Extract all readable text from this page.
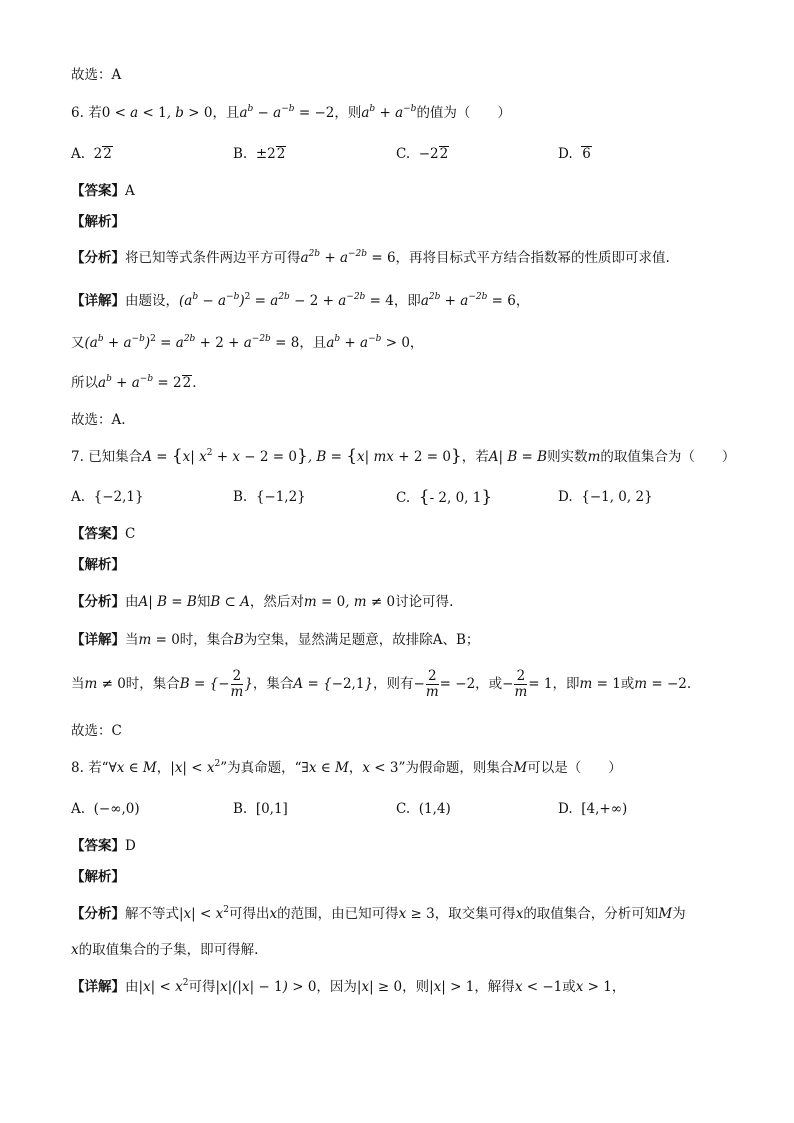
故选：A
6. 若0 < a < 1, b > 0，且$a^b - a^{-b} = -2$，则$a^b + a^{-b}$的值为（　　）
A. 22	B. ±22	C. −22	D. 6
【答案】A
【解析】
【分析】将已知等式条件两边平方可得$a^{2b} + a^{-2b} = 6$，再将目标式平方结合指数幂的性质即可求值.
【详解】由题设，$(a^b - a^{-b})^2 = a^{2b} - 2 + a^{-2b} = 4$，即$a^{2b} + a^{-2b} = 6$，
又$(a^b + a^{-b})^2 = a^{2b} + 2 + a^{-2b} = 8$，且$a^b + a^{-b} > 0$，
所以$a^b + a^{-b} = 22$.
故选：A.
7. 已知集合A = {x| $x^2 + x - 2 = 0$}, B = {x| mx + 2 = 0}，若A| B = B则实数m的取值集合为（　　）
A. {−2,1}	B. {−1,2}	C. {- 2, 0, 1}	D. {−1, 0, 2}
【答案】C
【解析】
【分析】由A| B = B知B ⊂ A，然后对m = 0, m ≠ 0讨论可得.
【详解】当m = 0时，集合B为空集，显然满足题意，故排除A、B；
当m ≠ 0时，集合B = {− $\frac{2}{m}$ }，集合A = {−2,1}，则有− $\frac{2}{m} = -2$，或− $\frac{2}{m} = 1$，即m = 1或m = −2.
故选：C
8. 若“∀x ∈ M，$|x| < x^2$”为真命题，“∃x ∈ M，x < 3”为假命题，则集合M可以是（　　）
A. (−∞,0)	B. [0,1]	C. (1,4)	D. [4,+∞)
【答案】D
【解析】
【分析】解不等式$|x| < x^2$可得出x的范围，由已知可得x ≥ 3，取交集可得x的取值集合，分析可知M为
x的取值集合的子集，即可得解.
【详解】由$|x| < x^2$可得|x|(|x| − 1) > 0，因为|x| ≥ 0，则|x| > 1，解得x < −1或x > 1，
